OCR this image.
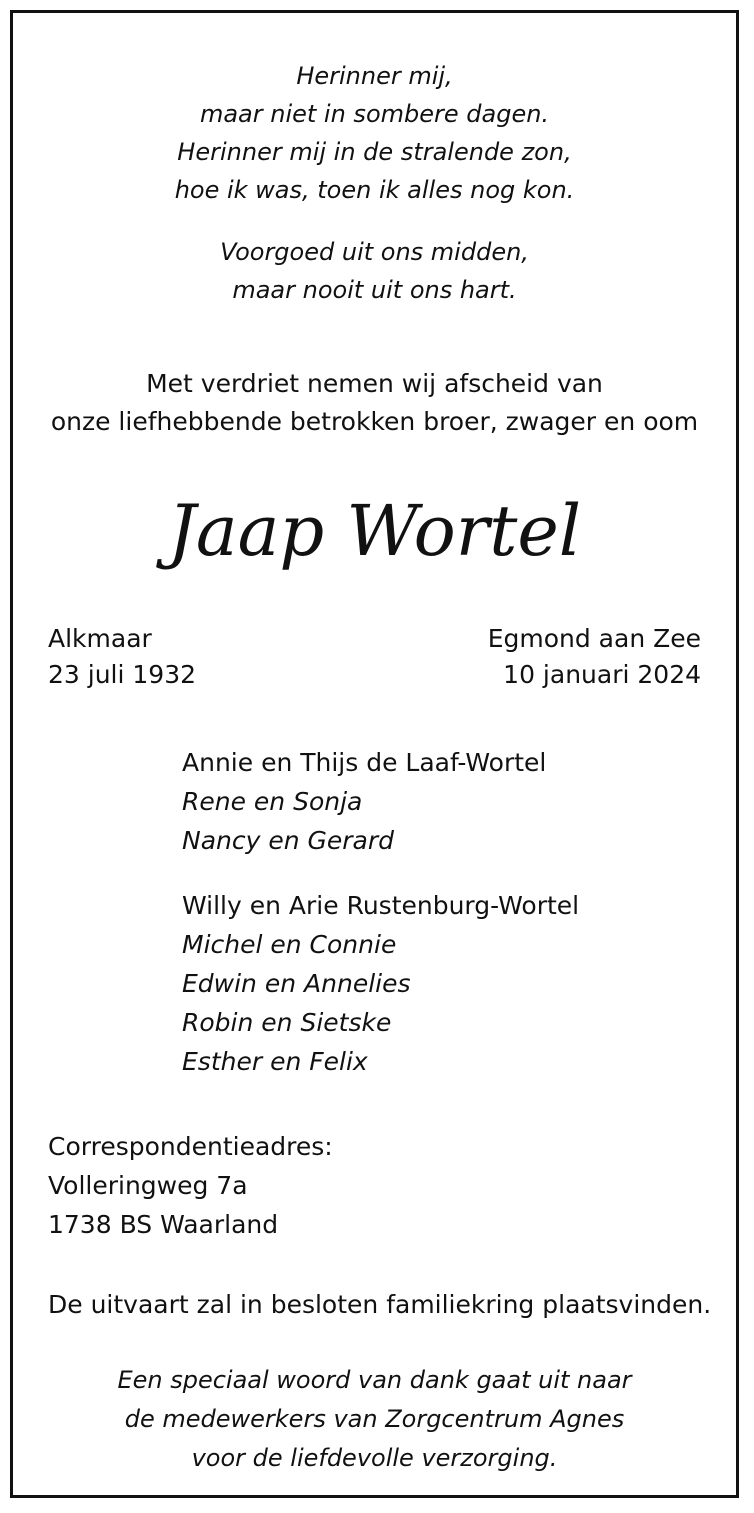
Herinner mij,
maar niet in sombere dagen.
Herinner mij in de stralende zon,
hoe ik was, toen ik alles nog kon.
Voorgoed uit ons midden,
maar nooit uit ons hart.
Met verdriet nemen wij afscheid van
onze liefhebbende betrokken broer, zwager en oom
Jaap Wortel
Alkmaar
23 juli 1932
Egmond aan Zee
10 januari 2024
Annie en Thijs de Laaf-Wortel
Rene en Sonja
Nancy en Gerard
Willy en Arie Rustenburg-Wortel
Michel en Connie
Edwin en Annelies
Robin en Sietske
Esther en Felix
Correspondentieadres:
Volleringweg 7a
1738 BS Waarland
De uitvaart zal in besloten familiekring plaatsvinden.
Een speciaal woord van dank gaat uit naar
de medewerkers van Zorgcentrum Agnes
voor de liefdevolle verzorging.
